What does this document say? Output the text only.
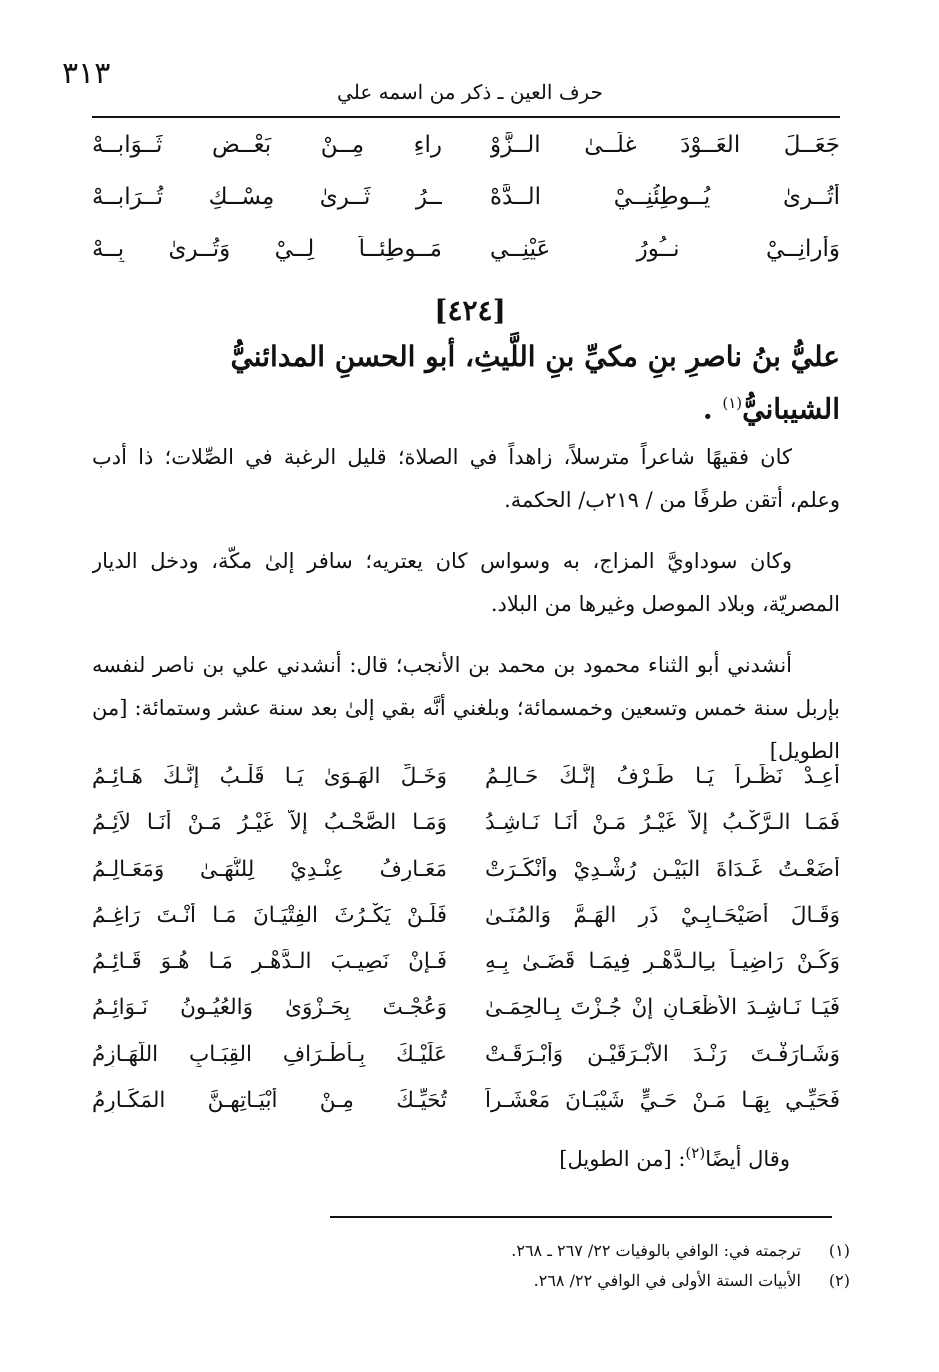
٣١٣
حرف العين ـ ذكر من اسمه علي
جَعَــلَ العَــوْدَ غلَــىٰ الــزَّوْ
راءِ مِــنْ بَعْــضِ ثَــوَابــهْ
أتُــرىٰ يُــوطِئُنِــيْ الــدَّهْ
ــرُ ثَــرىٰ مِسْــكِ تُــرَابــهْ
وَأرانِــيْ نــُورُ عَيْنِــي
مَــوطِئــاً لِــيْ وَتُــرىٰ بِــهْ
[٤٢٤]
عليُّ بنُ ناصرِ بنِ مكيِّ بنِ اللَّيثِ، أبو الحسنِ المدائنيُّ
الشيبانيُّ$^{(١)}$ .
كان فقيهًا شاعراً مترسلاً، زاهداً في الصلاة؛ قليل الرغبة في الصِّلات؛ ذا أدب
وعلم، أتقن طرفًا من / ٢١٩ب/ الحكمة.
وكان سوداويَّ المزاج، به وسواس كان يعتريه؛ سافر إلىٰ مكّة، ودخل الديار
المصريّة، وبلاد الموصل وغيرها من البلاد.
أنشدني أبو الثناء محمود بن محمد بن الأنجب؛ قال: أنشدني علي بن ناصر لنفسه
بإربل سنة خمس وتسعين وخمسمائة؛ وبلغني أنَّه بقي إلىٰ بعد سنة عشر وستمائة: [من
الطويل]
أعِـدْ نَظَـراً يَـا طَـرْفُ إنَّـكَ حَـالِـمُ
وَخَـلِّ الهَـوَىٰ يَـا قَلْـبُ إنَّـكَ هَـائِـمُ
فَمَـا الـرَّكْـبُ إلاَّ غَيْـرُ مَـنْ أنَـا نَـاشِـدُ
وَمَـا الصَّحْـبُ إلاَّ غَيْـرُ مَـنْ أنَـا لاَئِـمُ
أضَعْـتُ غَـدَاةَ البَيْـنِ رُشْـدِيْ وأنْكَـرَتْ
مَعَـارِفُ عِنْـدِيْ لِلنُّهَـىٰ وَمَعَـالِـمُ
وَقَـالَ أُصَيْحَـابِـيْ ذَرِ الهَـمَّ وَالمُنَـىٰ
فَلَـنْ يَكْـرُثَ الفِتْيَـانَ مَـا أنْـتَ رَاغِـمُ
وَكُـنْ رَاضِيـاً بـِالـدَّهْـرِ فِيمَـا قَضَـىٰ بِـهِ
فَـإنْ نَصِيـبَ الـدَّهْـرِ مَـا هُـوَ قَـائِـمُ
فَيَـا نَـاشِـدَ الأظْعَـانِ إنْ جُـزْتَ بِـالحِمَـىٰ
وَعُجْـتَ بِحَـزْوَىٰ وَالعُيُـونُ نَـوَائِـمُ
وَشَـارَفْـتَ رَنْـدَ الأبْـرَقَيْـنِ وَأبْـرَقَـتْ
عَلَيْـكَ بِـأطْـرَافِ القِبَـابِ اللَّهَـازِمُ
فَحَيِّـي بِهَـا مَـنْ حَـيٍّ شَيْبَـانَ مَعْشَـراً
تُحَيِّـكَ مِـنْ أبْيَـاتِهِـنَّ المَكَـارِمُ
وقال أيضًا$^{(٢)}$: [من الطويل]
(١) ترجمته في: الوافي بالوفيات ٢٢/ ٢٦٧ ـ ٢٦٨.
(٢) الأبيات الستة الأولى في الوافي ٢٢/ ٢٦٨.
